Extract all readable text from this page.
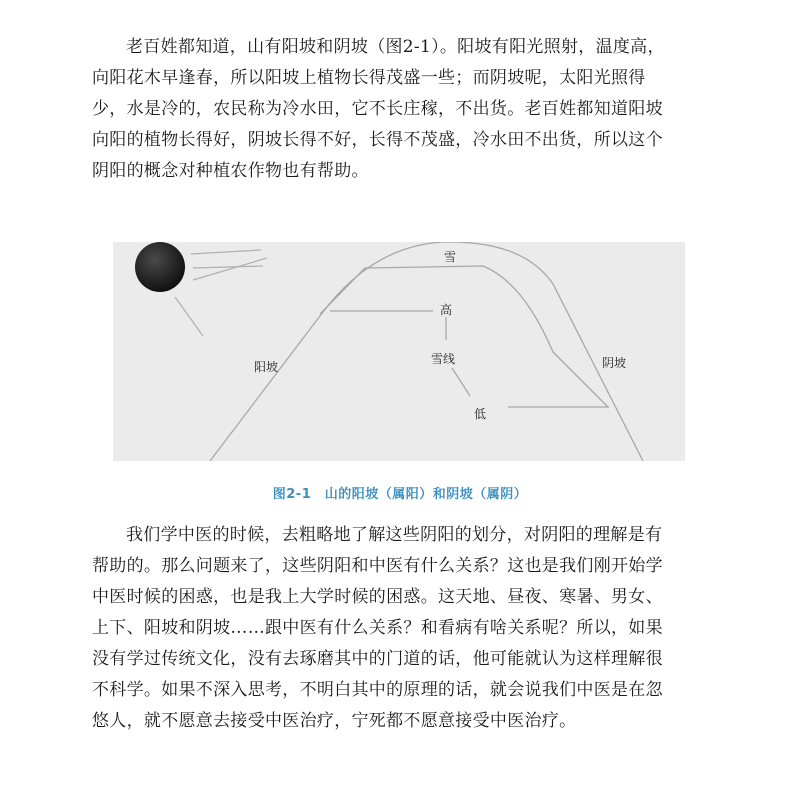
老百姓都知道，山有阳坡和阴坡（图2-1）。阳坡有阳光照射，温度高，
向阳花木早逢春，所以阳坡上植物长得茂盛一些；而阴坡呢，太阳光照得
少，水是冷的，农民称为冷水田，它不长庄稼，不出货。老百姓都知道阳坡
向阳的植物长得好，阴坡长得不好，长得不茂盛，冷水田不出货，所以这个
阴阳的概念对种植农作物也有帮助。
雪
高
雪线
低
阳坡	阴坡
图2-1　山的阳坡（属阳）和阴坡（属阴）
我们学中医的时候，去粗略地了解这些阴阳的划分，对阴阳的理解是有
帮助的。那么问题来了，这些阴阳和中医有什么关系？这也是我们刚开始学
中医时候的困惑，也是我上大学时候的困惑。这天地、昼夜、寒暑、男女、
上下、阳坡和阴坡……跟中医有什么关系？和看病有啥关系呢？所以，如果
没有学过传统文化，没有去琢磨其中的门道的话，他可能就认为这样理解很
不科学。如果不深入思考，不明白其中的原理的话，就会说我们中医是在忽
悠人，就不愿意去接受中医治疗，宁死都不愿意接受中医治疗。
